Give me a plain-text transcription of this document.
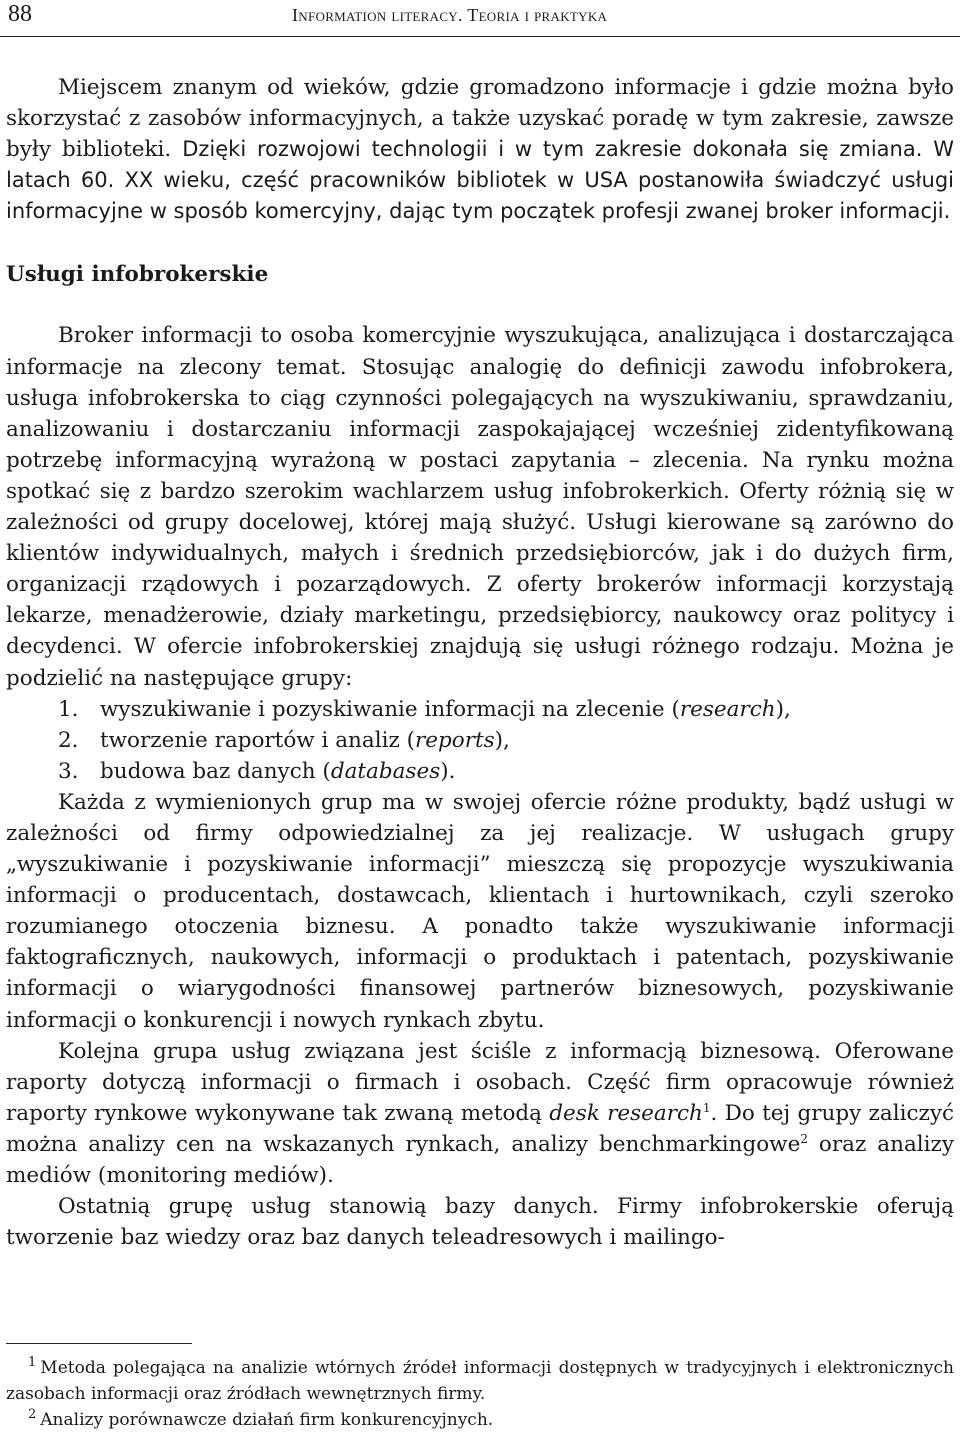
88	Information literacy. Teoria i praktyka

Miejscem znanym od wieków, gdzie gromadzono informacje i gdzie można było skorzystać z zasobów informacyjnych, a także uzyskać poradę w tym zakresie, zawsze były biblioteki. Dzięki rozwojowi technologii i w tym zakresie dokonała się zmiana. W latach 60. XX wieku, część pracowników bibliotek w USA postanowiła świadczyć usługi informacyjne w sposób komercyjny, dając tym początek profesji zwanej broker informacji.

Usługi infobrokerskie

Broker informacji to osoba komercyjnie wyszukująca, analizująca i dostarczająca informacje na zlecony temat. Stosując analogię do definicji zawodu infobrokera, usługa infobrokerska to ciąg czynności polegających na wyszukiwaniu, sprawdzaniu, analizowaniu i dostarczaniu informacji zaspokajającej wcześniej zidentyfikowaną potrzebę informacyjną wyrażoną w postaci zapytania – zlecenia. Na rynku można spotkać się z bardzo szerokim wachlarzem usług infobrokerkich. Oferty różnią się w zależności od grupy docelowej, której mają służyć. Usługi kierowane są zarówno do klientów indywidualnych, małych i średnich przedsiębiorców, jak i do dużych firm, organizacji rządowych i pozarządowych. Z oferty brokerów informacji korzystają lekarze, menadżerowie, działy marketingu, przedsiębiorcy, naukowcy oraz politycy i decydenci. W ofercie infobrokerskiej znajdują się usługi różnego rodzaju. Można je podzielić na następujące grupy:

1. wyszukiwanie i pozyskiwanie informacji na zlecenie (research),
2. tworzenie raportów i analiz (reports),
3. budowa baz danych (databases).

Każda z wymienionych grup ma w swojej ofercie różne produkty, bądź usługi w zależności od firmy odpowiedzialnej za jej realizacje. W usługach grupy „wyszukiwanie i pozyskiwanie informacji” mieszczą się propozycje wyszukiwania informacji o producentach, dostawcach, klientach i hurtownikach, czyli szeroko rozumianego otoczenia biznesu. A ponadto także wyszukiwanie informacji faktograficznych, naukowych, informacji o produktach i patentach, pozyskiwanie informacji o wiarygodności finansowej partnerów biznesowych, pozyskiwanie informacji o konkurencji i nowych rynkach zbytu.

Kolejna grupa usług związana jest ściśle z informacją biznesową. Oferowane raporty dotyczą informacji o firmach i osobach. Część firm opracowuje również raporty rynkowe wykonywane tak zwaną metodą desk research$^1$. Do tej grupy zaliczyć można analizy cen na wskazanych rynkach, analizy benchmarkingowe$^2$ oraz analizy mediów (monitoring mediów).

Ostatnią grupę usług stanowią bazy danych. Firmy infobrokerskie oferują tworzenie baz wiedzy oraz baz danych teleadresowych i mailingo-

$^1$ Metoda polegająca na analizie wtórnych źródeł informacji dostępnych w tradycyjnych i elektronicznych zasobach informacji oraz źródłach wewnętrznych firmy.

$^2$ Analizy porównawcze działań firm konkurencyjnych.
